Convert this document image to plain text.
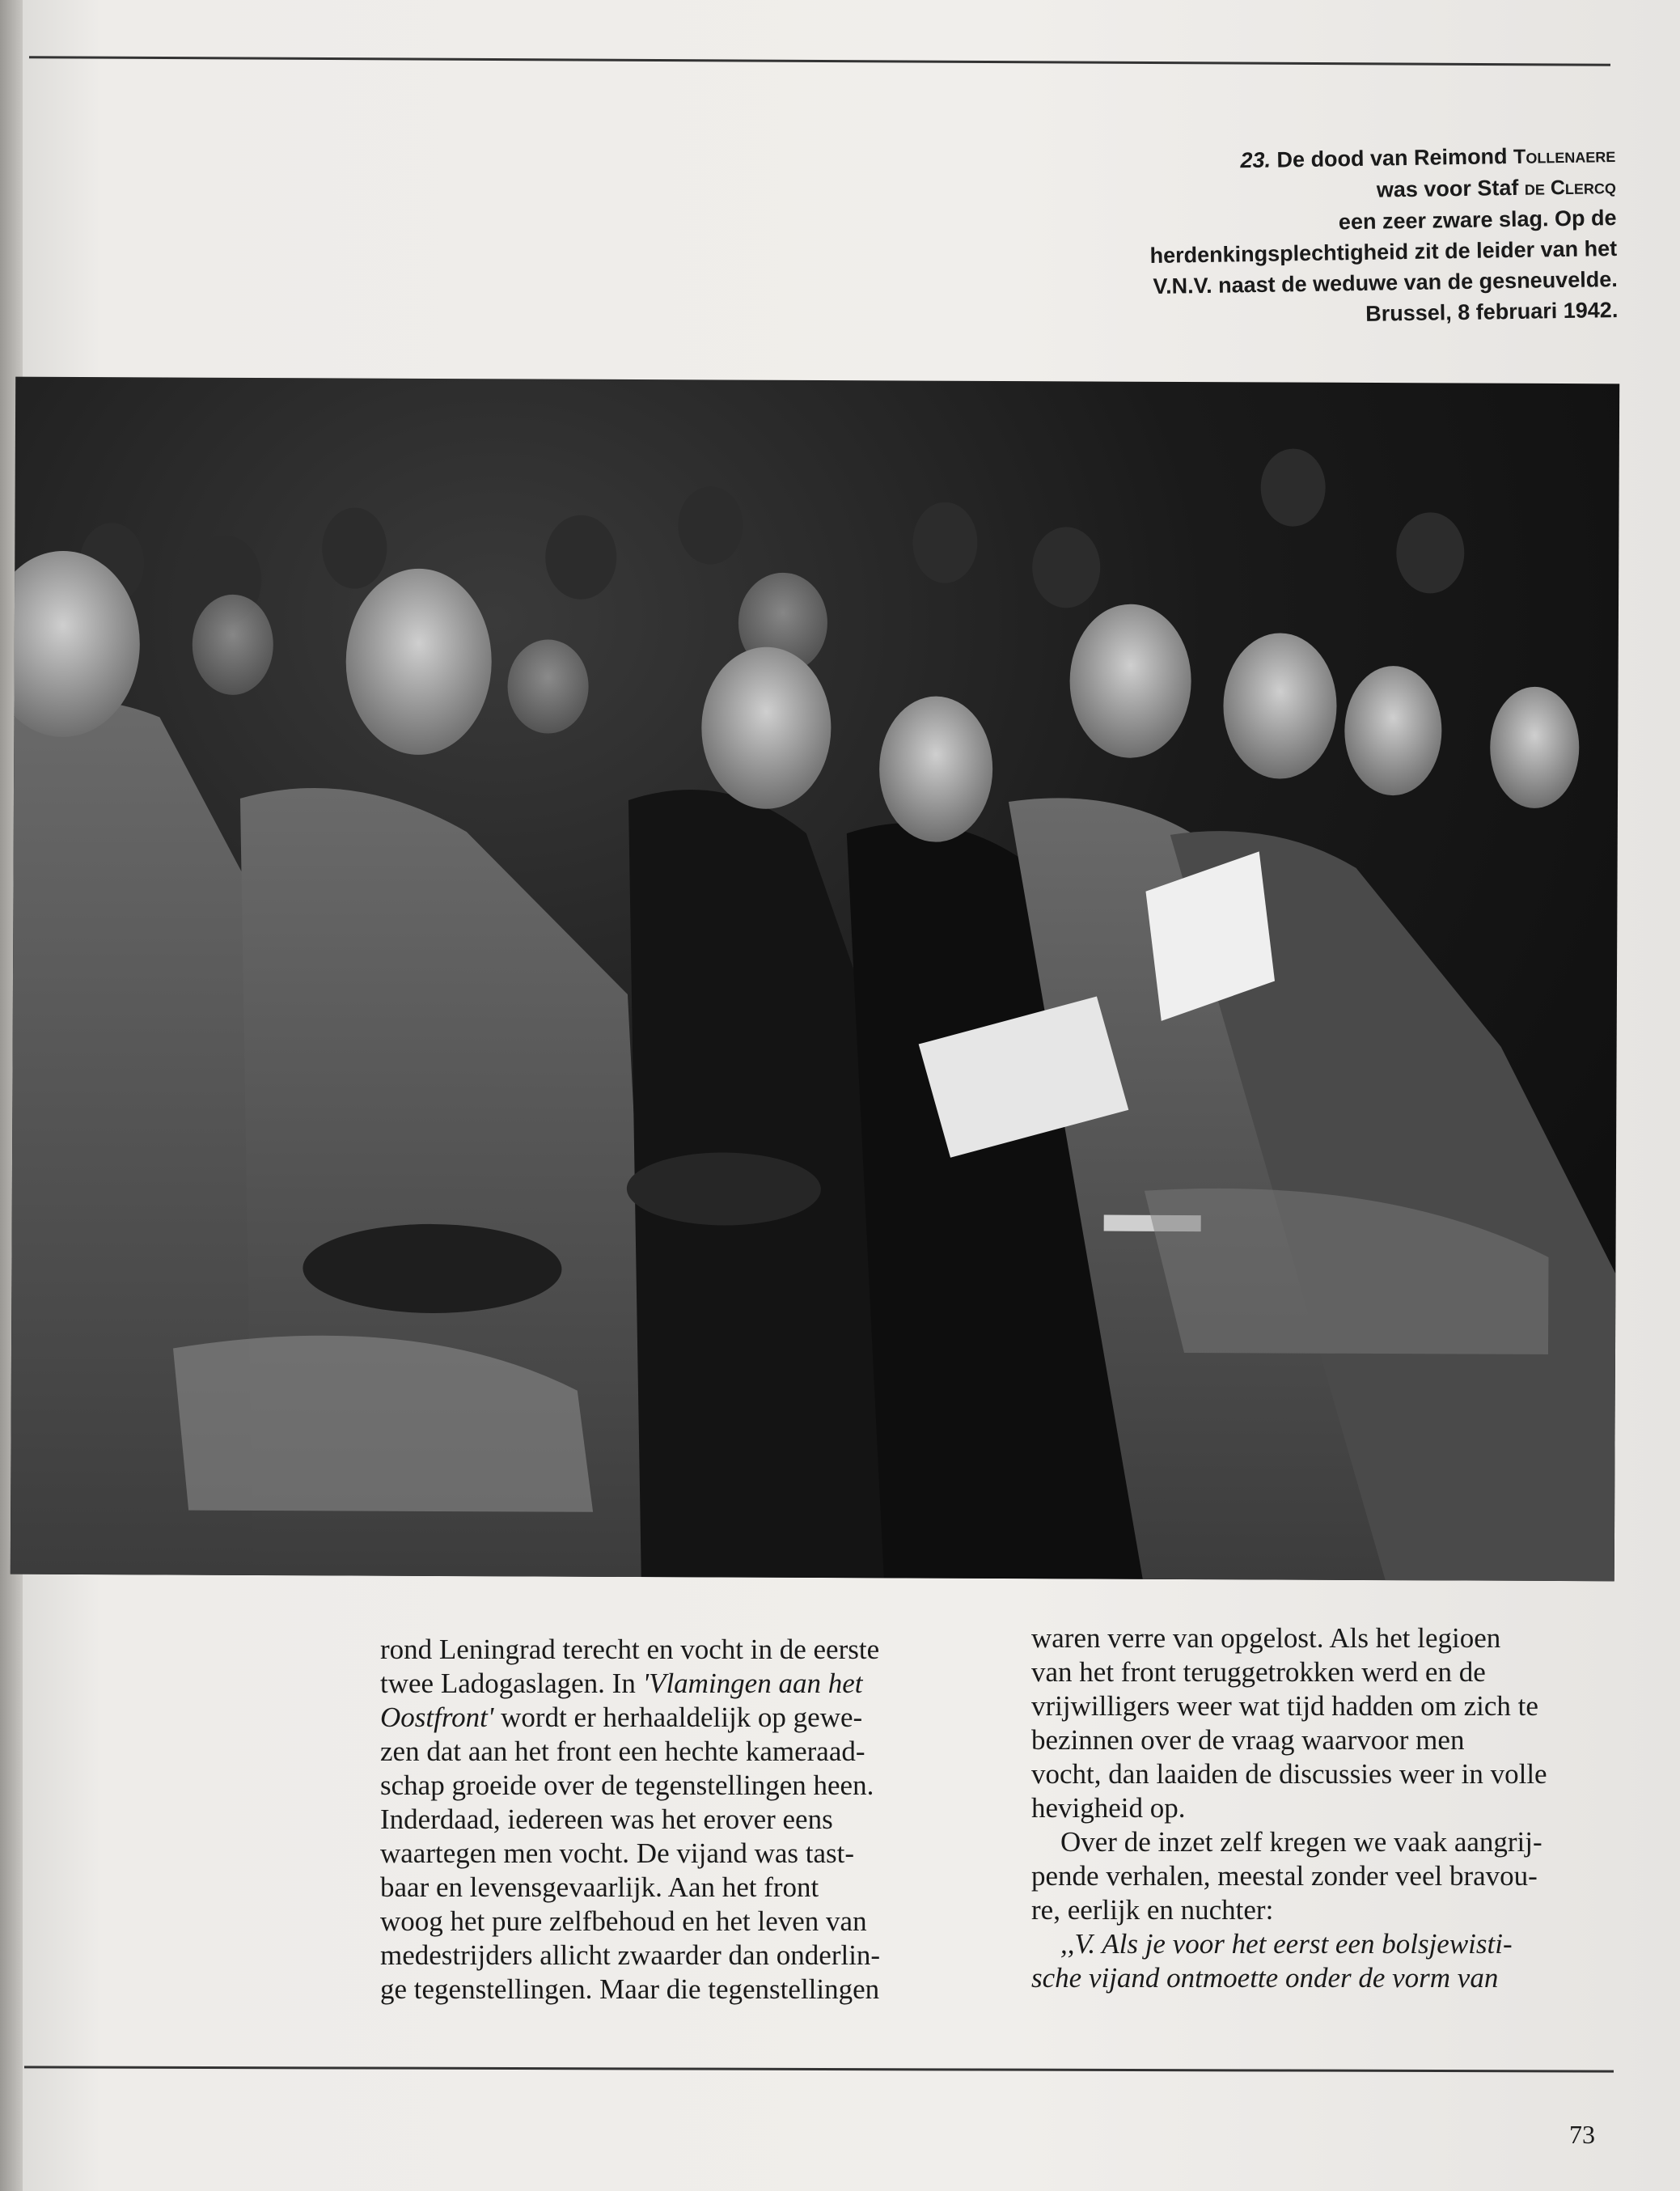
23. De dood van Reimond Tollenaere
was voor Staf de Clercq
een zeer zware slag. Op de
herdenkingsplechtigheid zit de leider van het
V.N.V. naast de weduwe van de gesneuvelde.
Brussel, 8 februari 1942.

rond Leningrad terecht en vocht in de eerste

twee Ladogaslagen. In 'Vlamingen aan het

Oostfront' wordt er herhaaldelijk op gewe-

zen dat aan het front een hechte kameraad-

schap groeide over de tegenstellingen heen.

Inderdaad, iedereen was het erover eens

waartegen men vocht. De vijand was tast-

baar en levensgevaarlijk. Aan het front

woog het pure zelfbehoud en het leven van

medestrijders allicht zwaarder dan onderlin-

ge tegenstellingen. Maar die tegenstellingen

waren verre van opgelost. Als het legioen

van het front teruggetrokken werd en de

vrijwilligers weer wat tijd hadden om zich te

bezinnen over de vraag waarvoor men

vocht, dan laaiden de discussies weer in volle

hevigheid op.

Over de inzet zelf kregen we vaak aangrij-

pende verhalen, meestal zonder veel bravou-

re, eerlijk en nuchter:

,,V. Als je voor het eerst een bolsjewisti-

sche vijand ontmoette onder de vorm van

73
